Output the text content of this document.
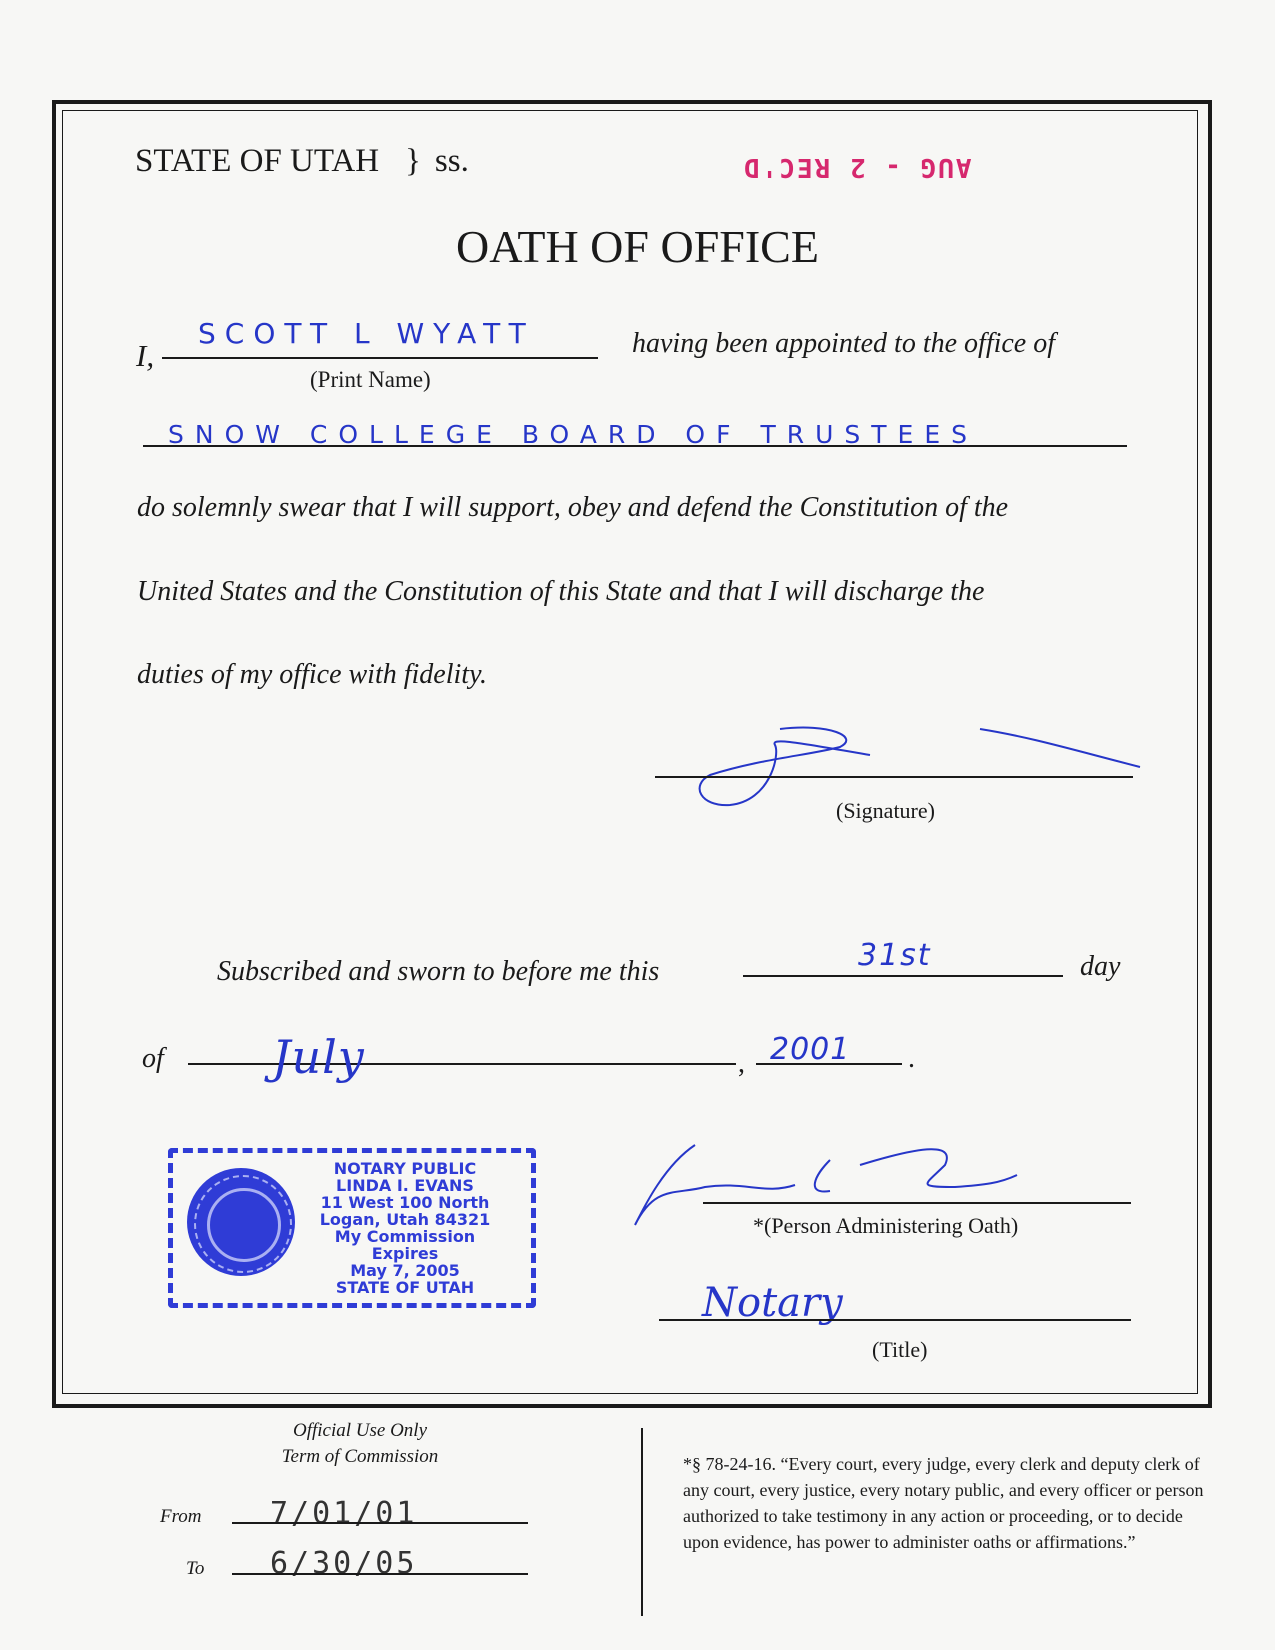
STATE OF UTAH } ss.	AUG - 2 REC'D
OATH OF OFFICE
I,
SCOTT L WYATT	having been appointed to the office of
(Print Name)
SNOW COLLEGE BOARD OF TRUSTEES
do solemnly swear that I will support, obey and defend the Constitution of the
United States and the Constitution of this State and that I will discharge the
duties of my office with fidelity.
(Signature)
Subscribed and sworn to before me this	31st	day
of July	, 2001 .
NOTARY PUBLIC
LINDA I. EVANS
11 West 100 North
Logan, Utah 84321
My Commission Expires
May 7, 2005
STATE OF UTAH
*(Person Administering Oath)
Notary
(Title)
Official Use Only
Term of Commission
From 7/01/01
To 6/30/05
*§ 78-24-16. “Every court, every judge, every clerk and deputy clerk of any court, every justice, every notary public, and every officer or person authorized to take testimony in any action or proceeding, or to decide upon evidence, has power to administer oaths or affirmations.”
